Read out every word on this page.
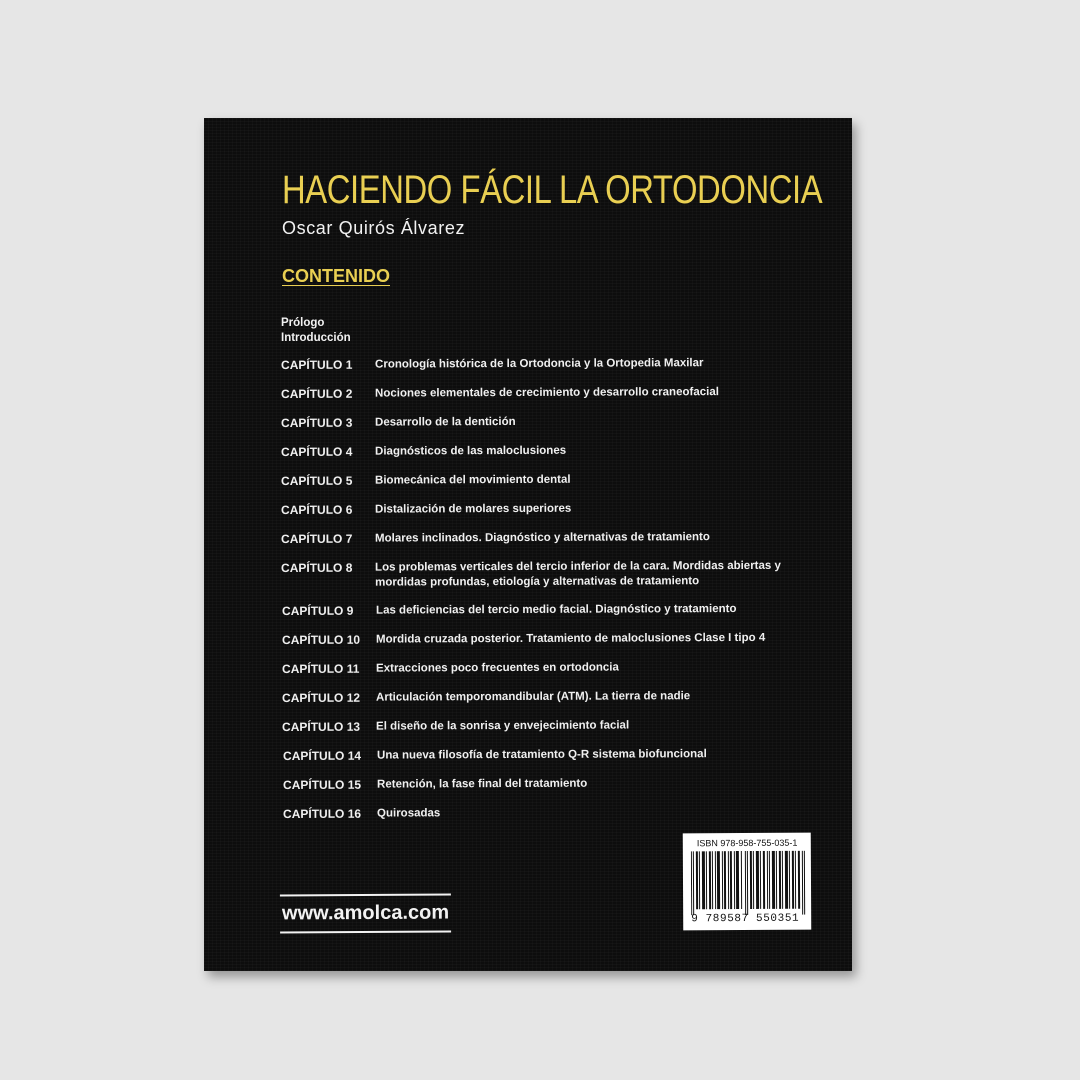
HACIENDO FÁCIL LA ORTODONCIA
Oscar Quirós Álvarez
CONTENIDO
Prólogo
Introducción
CAPÍTULO 1 Cronología histórica de la Ortodoncia y la Ortopedia Maxilar
CAPÍTULO 2 Nociones elementales de crecimiento y desarrollo craneofacial
CAPÍTULO 3 Desarrollo de la dentición
CAPÍTULO 4 Diagnósticos de las maloclusiones
CAPÍTULO 5 Biomecánica del movimiento dental
CAPÍTULO 6 Distalización de molares superiores
CAPÍTULO 7 Molares inclinados. Diagnóstico y alternativas de tratamiento
CAPÍTULO 8 Los problemas verticales del tercio inferior de la cara. Mordidas abiertas y mordidas profundas, etiología y alternativas de tratamiento
CAPÍTULO 9 Las deficiencias del tercio medio facial. Diagnóstico y tratamiento
CAPÍTULO 10 Mordida cruzada posterior. Tratamiento de maloclusiones Clase I tipo 4
CAPÍTULO 11 Extracciones poco frecuentes en ortodoncia
CAPÍTULO 12 Articulación temporomandibular (ATM). La tierra de nadie
CAPÍTULO 13 El diseño de la sonrisa y envejecimiento facial
CAPÍTULO 14 Una nueva filosofía de tratamiento Q-R sistema biofuncional
CAPÍTULO 15 Retención, la fase final del tratamiento
CAPÍTULO 16 Quirosadas
ISBN 978-958-755-035-1
9 789587 550351
www.amolca.com
